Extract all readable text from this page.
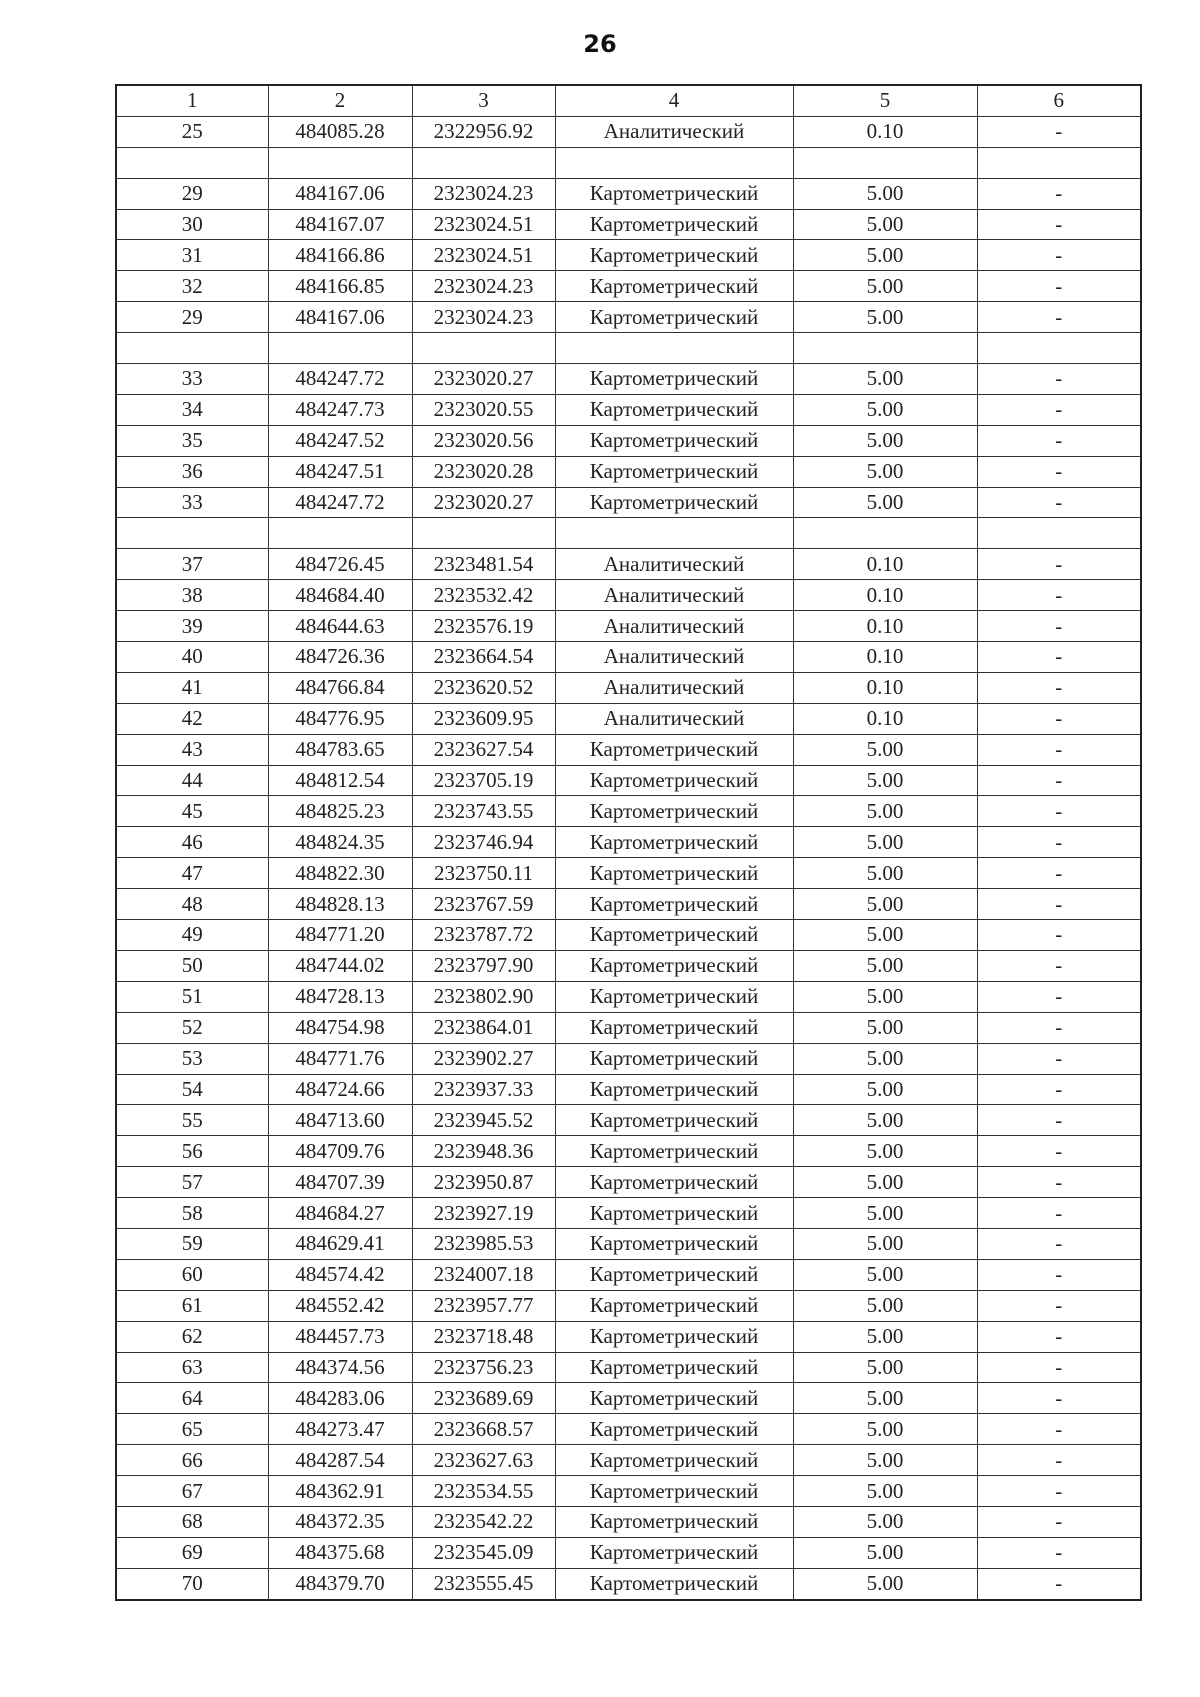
26
1	2	3	4	5	6
25	484085.28	2322956.92	Аналитический	0.10	-

29	484167.06	2323024.23	Картометрический	5.00	-
30	484167.07	2323024.51	Картометрический	5.00	-
31	484166.86	2323024.51	Картометрический	5.00	-
32	484166.85	2323024.23	Картометрический	5.00	-
29	484167.06	2323024.23	Картометрический	5.00	-

33	484247.72	2323020.27	Картометрический	5.00	-
34	484247.73	2323020.55	Картометрический	5.00	-
35	484247.52	2323020.56	Картометрический	5.00	-
36	484247.51	2323020.28	Картометрический	5.00	-
33	484247.72	2323020.27	Картометрический	5.00	-

37	484726.45	2323481.54	Аналитический	0.10	-
38	484684.40	2323532.42	Аналитический	0.10	-
39	484644.63	2323576.19	Аналитический	0.10	-
40	484726.36	2323664.54	Аналитический	0.10	-
41	484766.84	2323620.52	Аналитический	0.10	-
42	484776.95	2323609.95	Аналитический	0.10	-
43	484783.65	2323627.54	Картометрический	5.00	-
44	484812.54	2323705.19	Картометрический	5.00	-
45	484825.23	2323743.55	Картометрический	5.00	-
46	484824.35	2323746.94	Картометрический	5.00	-
47	484822.30	2323750.11	Картометрический	5.00	-
48	484828.13	2323767.59	Картометрический	5.00	-
49	484771.20	2323787.72	Картометрический	5.00	-
50	484744.02	2323797.90	Картометрический	5.00	-
51	484728.13	2323802.90	Картометрический	5.00	-
52	484754.98	2323864.01	Картометрический	5.00	-
53	484771.76	2323902.27	Картометрический	5.00	-
54	484724.66	2323937.33	Картометрический	5.00	-
55	484713.60	2323945.52	Картометрический	5.00	-
56	484709.76	2323948.36	Картометрический	5.00	-
57	484707.39	2323950.87	Картометрический	5.00	-
58	484684.27	2323927.19	Картометрический	5.00	-
59	484629.41	2323985.53	Картометрический	5.00	-
60	484574.42	2324007.18	Картометрический	5.00	-
61	484552.42	2323957.77	Картометрический	5.00	-
62	484457.73	2323718.48	Картометрический	5.00	-
63	484374.56	2323756.23	Картометрический	5.00	-
64	484283.06	2323689.69	Картометрический	5.00	-
65	484273.47	2323668.57	Картометрический	5.00	-
66	484287.54	2323627.63	Картометрический	5.00	-
67	484362.91	2323534.55	Картометрический	5.00	-
68	484372.35	2323542.22	Картометрический	5.00	-
69	484375.68	2323545.09	Картометрический	5.00	-
70	484379.70	2323555.45	Картометрический	5.00	-
